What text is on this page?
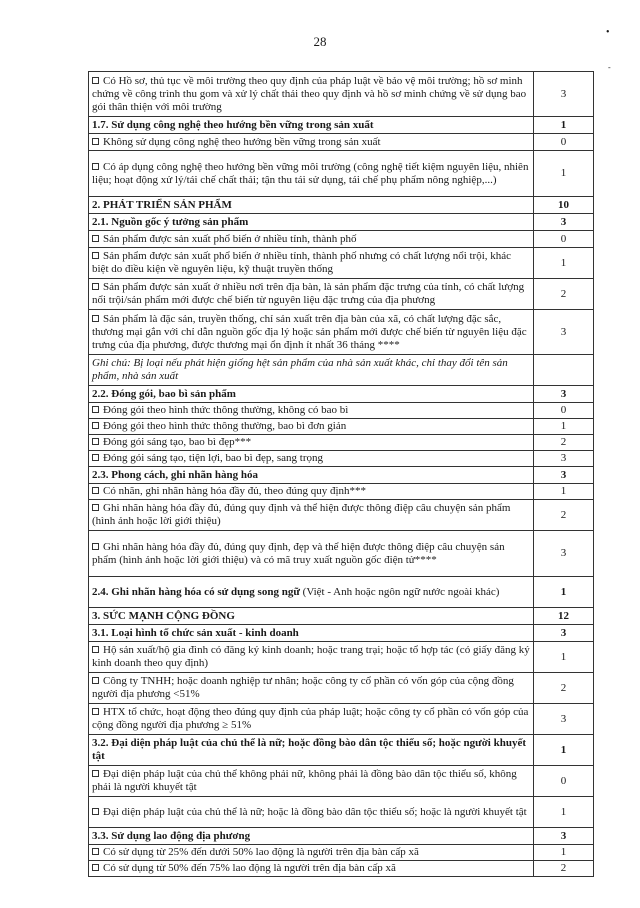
28
•
-
Có Hồ sơ, thủ tục về môi trường theo quy định của pháp luật về bảo vệ môi trường; hồ sơ minh chứng về công trình thu gom và xử lý chất thải theo quy định và hồ sơ minh chứng về sử dụng bao gói thân thiện với môi trường	3
1.7. Sử dụng công nghệ theo hướng bền vững trong sản xuất	1
Không sử dụng công nghệ theo hướng bền vững trong sản xuất	0
Có áp dụng công nghệ theo hướng bền vững môi trường (công nghệ tiết kiệm nguyên liệu, nhiên liệu; hoạt động xử lý/tái chế chất thải; tận thu tái sử dụng, tái chế phụ phẩm nông nghiệp,...)	1
2. PHÁT TRIỂN SẢN PHẨM	10
2.1. Nguồn gốc ý tưởng sản phẩm	3
Sản phẩm được sản xuất phổ biến ở nhiều tỉnh, thành phố	0
Sản phẩm được sản xuất phổ biến ở nhiều tỉnh, thành phố nhưng có chất lượng nổi trội, khác biệt do điều kiện về nguyên liệu, kỹ thuật truyền thống	1
Sản phẩm được sản xuất ở nhiều nơi trên địa bàn, là sản phẩm đặc trưng của tỉnh, có chất lượng nổi trội/sản phẩm mới được chế biến từ nguyên liệu đặc trưng của địa phương	2
Sản phẩm là đặc sản, truyền thống, chỉ sản xuất trên địa bàn của xã, có chất lượng đặc sắc, thương mại gắn với chỉ dẫn nguồn gốc địa lý hoặc sản phẩm mới được chế biến từ nguyên liệu đặc trưng của địa phương, được thương mại ổn định ít nhất 36 tháng ****	3
Ghi chú: Bị loại nếu phát hiện giống hệt sản phẩm của nhà sản xuất khác, chỉ thay đổi tên sản phẩm, nhà sản xuất	
2.2. Đóng gói, bao bì sản phẩm	3
Đóng gói theo hình thức thông thường, không có bao bì	0
Đóng gói theo hình thức thông thường, bao bì đơn giản	1
Đóng gói sáng tạo, bao bì đẹp***	2
Đóng gói sáng tạo, tiện lợi, bao bì đẹp, sang trọng	3
2.3. Phong cách, ghi nhãn hàng hóa	3
Có nhãn, ghi nhãn hàng hóa đầy đủ, theo đúng quy định***	1
Ghi nhãn hàng hóa đầy đủ, đúng quy định và thể hiện được thông điệp câu chuyện sản phẩm (hình ảnh hoặc lời giới thiệu)	2
Ghi nhãn hàng hóa đầy đủ, đúng quy định, đẹp và thể hiện được thông điệp câu chuyện sản phẩm (hình ảnh hoặc lời giới thiệu) và có mã truy xuất nguồn gốc điện tử****	3
2.4. Ghi nhãn hàng hóa có sử dụng song ngữ (Việt - Anh hoặc ngôn ngữ nước ngoài khác)	1
3. SỨC MẠNH CỘNG ĐỒNG	12
3.1. Loại hình tổ chức sản xuất - kinh doanh	3
Hộ sản xuất/hộ gia đình có đăng ký kinh doanh; hoặc trang trại; hoặc tổ hợp tác (có giấy đăng ký kinh doanh theo quy định)	1
Công ty TNHH; hoặc doanh nghiệp tư nhân; hoặc công ty cổ phần có vốn góp của cộng đồng người địa phương <51%	2
HTX tổ chức, hoạt động theo đúng quy định của pháp luật; hoặc công ty cổ phần có vốn góp của cộng đồng người địa phương ≥ 51%	3
3.2. Đại diện pháp luật của chủ thể là nữ; hoặc đồng bào dân tộc thiểu số; hoặc người khuyết tật	1
Đại diện pháp luật của chủ thể không phải nữ, không phải là đồng bào dân tộc thiểu số, không phải là người khuyết tật	0
Đại diện pháp luật của chủ thể là nữ; hoặc là đồng bào dân tộc thiểu số; hoặc là người khuyết tật	1
3.3. Sử dụng lao động địa phương	3
Có sử dụng từ 25% đến dưới 50% lao động là người trên địa bàn cấp xã	1
Có sử dụng từ 50% đến 75% lao động là người trên địa bàn cấp xã	2
